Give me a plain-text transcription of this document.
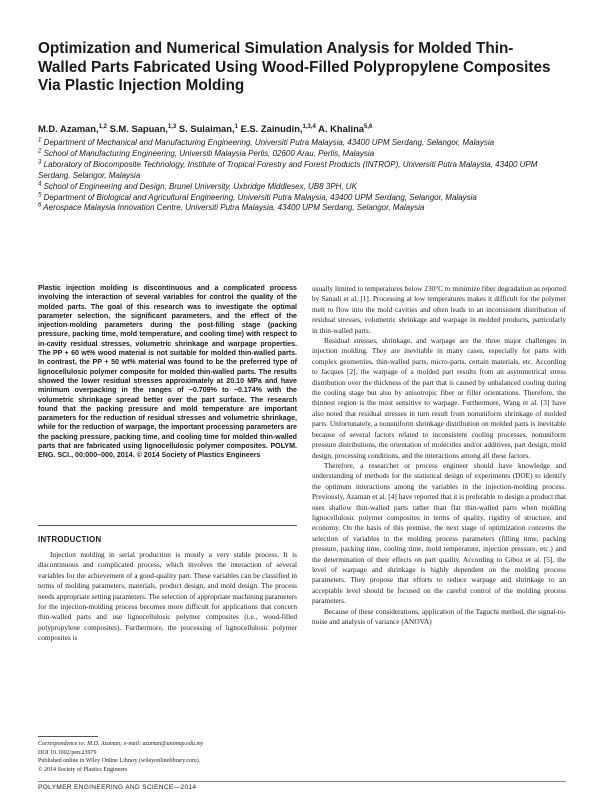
Optimization and Numerical Simulation Analysis for Molded Thin-Walled Parts Fabricated Using Wood-Filled Polypropylene Composites Via Plastic Injection Molding
M.D. Azaman,$^{1,2}$ S.M. Sapuan,$^{1,3}$ S. Sulaiman,$^1$ E.S. Zainudin,$^{1,3,4}$ A. Khalina$^{5,6}$

$^1$ Department of Mechanical and Manufacturing Engineering, Universiti Putra Malaysia, 43400 UPM Serdang, Selangor, Malaysia

$^2$ School of Manufacturing Engineering, Universiti Malaysia Perlis, 02600 Arau, Perlis, Malaysia

$^3$ Laboratory of Biocomposite Technology, Institute of Tropical Forestry and Forest Products (INTROP), Universiti Putra Malaysia, 43400 UPM Serdang, Selangor, Malaysia

$^4$ School of Engineering and Design, Brunel University, Uxbridge Middlesex, UB8 3PH, UK

$^5$ Department of Biological and Agricultural Engineering, Universiti Putra Malaysia, 43400 UPM Serdang, Selangor, Malaysia

$^6$ Aerospace Malaysia Innovation Centre, Universiti Putra Malaysia, 43400 UPM Serdang, Selangor, Malaysia

Plastic injection molding is discontinuous and a complicated process involving the interaction of several variables for control the quality of the molded parts. The goal of this research was to investigate the optimal parameter selection, the significant parameters, and the effect of the injection-molding parameters during the post-filling stage (packing pressure, packing time, mold temperature, and cooling time) with respect to in-cavity residual stresses, volumetric shrinkage and warpage properties. The PP + 60 wt% wood material is not suitable for molded thin-walled parts. In contrast, the PP + 50 wt% material was found to be the preferred type of lignocellulosic polymer composite for molded thin-walled parts. The results showed the lower residual stresses approximately at 20.10 MPa and have minimum overpacking in the ranges of −0.709% to −0.174% with the volumetric shrinkage spread better over the part surface. The research found that the packing pressure and mold temperature are important parameters for the reduction of residual stresses and volumetric shrinkage, while for the reduction of warpage, the important processing parameters are the packing pressure, packing time, and cooling time for molded thin-walled parts that are fabricated using lignocellulosic polymer composites. POLYM. ENG. SCI., 00:000–000, 2014. © 2014 Society of Plastics Engineers

INTRODUCTION

Injection molding in serial production is mostly a very stable process. It is discontinuous and complicated process, which involves the interaction of several variables for the achievement of a good-quality part. These variables can be classified in terms of molding parameters, materials, product design, and mold design. The process needs appropriate setting parameters. The selection of appropriate machining parameters for the injection-molding process becomes more difficult for applications that concern thin-walled parts and use lignocellulosic polymer composites (i.e., wood-filled polypropylene composites). Furthermore, the processing of lignocellulosic polymer composites is

Correspondence to: M.D. Azaman; e-mail: azaman@unimap.edu.my

DOI 10.1002/pen.23979

Published online in Wiley Online Library (wileyonlinelibrary.com).

© 2014 Society of Plastics Engineers

usually limited to temperatures below 230°C to minimize fiber degradation as reported by Sanadi et al. [1]. Processing at low temperatures makes it difficult for the polymer melt to flow into the mold cavities and often leads to an inconsistent distribution of residual stresses, volumetric shrinkage and warpage in molded products, particularly in thin-walled parts.

Residual stresses, shrinkage, and warpage are the three major challenges in injection molding. They are inevitable in many cases, especially for parts with complex geometries, thin-walled parts, micro-parts, certain materials, etc. According to Jacques [2], the warpage of a molded part results from an asymmetrical stress distribution over the thickness of the part that is caused by unbalanced cooling during the cooling stage but also by anisotropic fiber or filler orientations. Therefore, the thinnest region is the most sensitive to warpage. Furthermore, Wang et al. [3] have also noted that residual stresses in turn result from nonuniform shrinkage of molded parts. Unfortunately, a nonuniform shrinkage distribution on molded parts is inevitable because of several factors related to inconsistent cooling processes, nonuniform pressure distributions, the orientation of molecules and/or additives, part design, mold design, processing conditions, and the interactions among all these factors.

Therefore, a researcher or process engineer should have knowledge and understanding of methods for the statistical design of experiments (DOE) to identify the optimum interactions among the variables in the injection-molding process. Previously, Azaman et al. [4] have reported that it is preferable to design a product that uses shallow thin-walled parts rather than flat thin-walled parts when molding lignocellulosic polymer composites in terms of quality, rigidity of structure, and economy. On the basis of this premise, the next stage of optimization concerns the selection of variables in the molding process parameters (filling time, packing pressure, packing time, cooling time, mold temperature, injection pressure, etc.) and the determination of their effects on part quality. According to Giboz et al. [5], the level of warpage and shrinkage is highly dependent on the molding process parameters. They propose that efforts to reduce warpage and shrinkage to an acceptable level should be focused on the careful control of the molding process parameters.

Because of these considerations, application of the Taguchi method, the signal-to-noise and analysis of variance (ANOVA)

POLYMER ENGINEERING AND SCIENCE—2014
